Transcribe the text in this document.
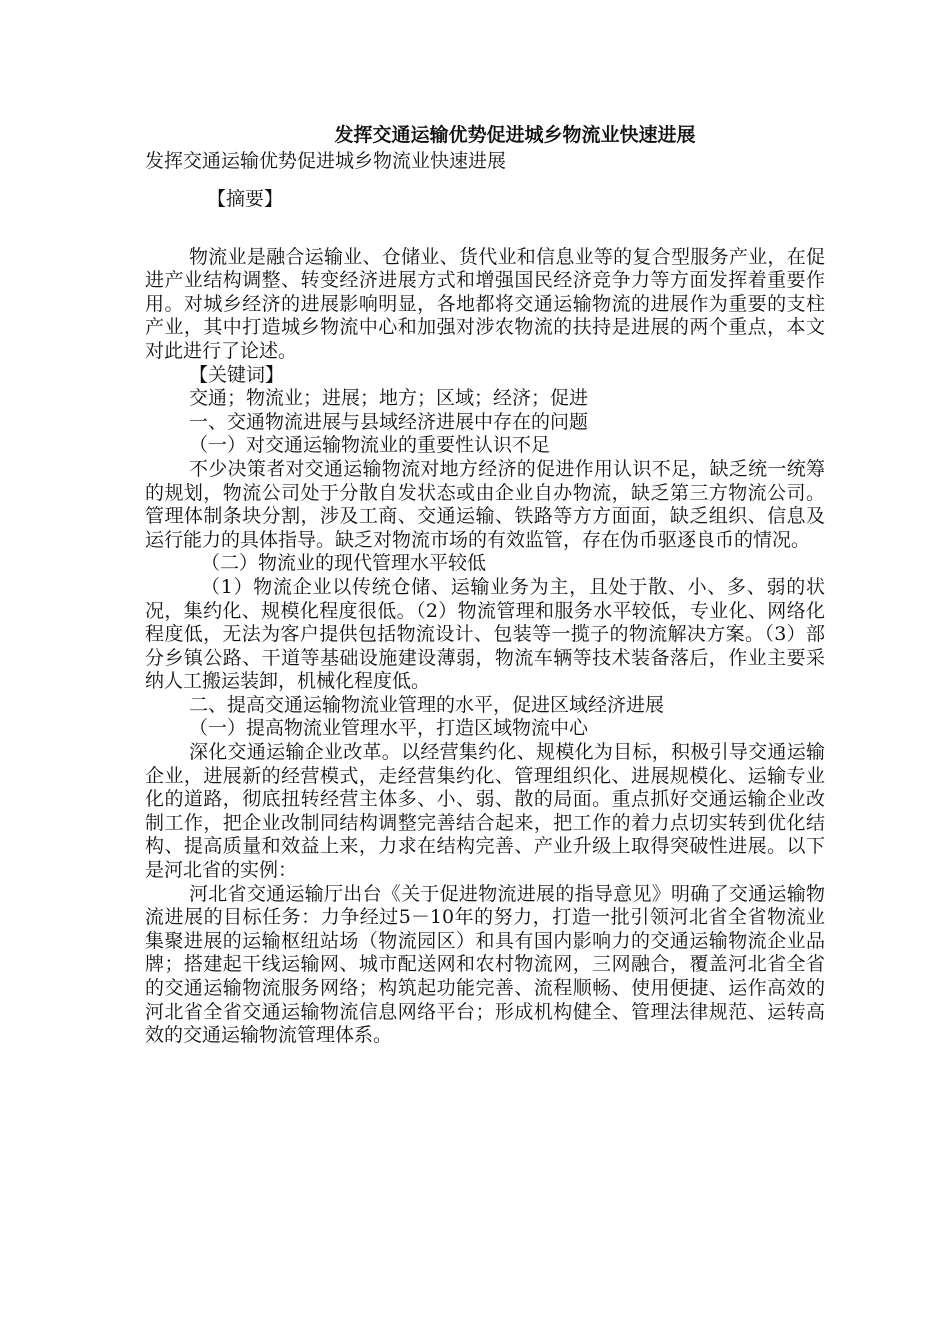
发挥交通运输优势促进城乡物流业快速进展

发挥交通运输优势促进城乡物流业快速进展

【摘要】

物流业是融合运输业、仓储业、货代业和信息业等的复合型服务产业，在促进产业结构调整、转变经济进展方式和增强国民经济竞争力等方面发挥着重要作用。对城乡经济的进展影响明显，各地都将交通运输物流的进展作为重要的支柱产业，其中打造城乡物流中心和加强对涉农物流的扶持是进展的两个重点，本文对此进行了论述。

【关键词】

交通；物流业；进展；地方；区域；经济；促进

一、交通物流进展与县域经济进展中存在的问题

（一）对交通运输物流业的重要性认识不足

不少决策者对交通运输物流对地方经济的促进作用认识不足，缺乏统一统筹的规划，物流公司处于分散自发状态或由企业自办物流，缺乏第三方物流公司。管理体制条块分割，涉及工商、交通运输、铁路等方方面面，缺乏组织、信息及运行能力的具体指导。缺乏对物流市场的有效监管，存在伪币驱逐良币的情况。

（二）物流业的现代管理水平较低

（1）物流企业以传统仓储、运输业务为主，且处于散、小、多、弱的状况，集约化、规模化程度很低。（2）物流管理和服务水平较低，专业化、网络化程度低，无法为客户提供包括物流设计、包装等一揽子的物流解决方案。（3）部分乡镇公路、干道等基础设施建设薄弱，物流车辆等技术装备落后，作业主要采纳人工搬运装卸，机械化程度低。

二、提高交通运输物流业管理的水平，促进区域经济进展

（一）提高物流业管理水平，打造区域物流中心

深化交通运输企业改革。以经营集约化、规模化为目标，积极引导交通运输企业，进展新的经营模式，走经营集约化、管理组织化、进展规模化、运输专业化的道路，彻底扭转经营主体多、小、弱、散的局面。重点抓好交通运输企业改制工作，把企业改制同结构调整完善结合起来，把工作的着力点切实转到优化结构、提高质量和效益上来，力求在结构完善、产业升级上取得突破性进展。以下是河北省的实例：

河北省交通运输厅出台《关于促进物流进展的指导意见》明确了交通运输物流进展的目标任务：力争经过5－10年的努力，打造一批引领河北省全省物流业集聚进展的运输枢纽站场（物流园区）和具有国内影响力的交通运输物流企业品牌；搭建起干线运输网、城市配送网和农村物流网，三网融合，覆盖河北省全省的交通运输物流服务网络；构筑起功能完善、流程顺畅、使用便捷、运作高效的河北省全省交通运输物流信息网络平台；形成机构健全、管理法律规范、运转高效的交通运输物流管理体系。
